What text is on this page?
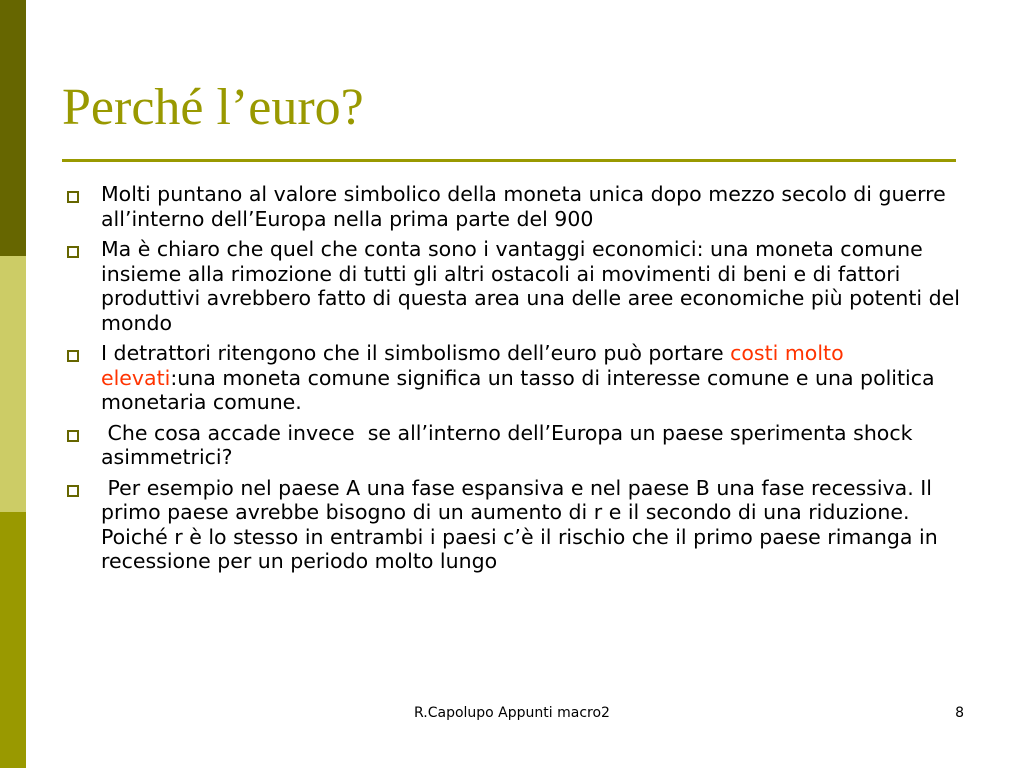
Perché l’euro?
Molti puntano al valore simbolico della moneta unica dopo mezzo secolo di guerre all’interno dell’Europa nella prima parte del 900
Ma è chiaro che quel che conta sono i vantaggi economici: una moneta comune insieme alla rimozione di tutti gli altri ostacoli ai movimenti di beni e di fattori produttivi avrebbero fatto di questa area una delle aree economiche più potenti del mondo
I detrattori ritengono che il simbolismo dell’euro può portare costi molto elevati:una moneta comune significa un tasso di interesse comune e una politica monetaria comune.
Che cosa accade invece  se all’interno dell’Europa un paese sperimenta shock asimmetrici?
Per esempio nel paese A una fase espansiva e nel paese B una fase recessiva. Il primo paese avrebbe bisogno di un aumento di r e il secondo di una riduzione. Poiché r è lo stesso in entrambi i paesi c’è il rischio che il primo paese rimanga in recessione per un periodo molto lungo
R.Capolupo Appunti macro2	8
